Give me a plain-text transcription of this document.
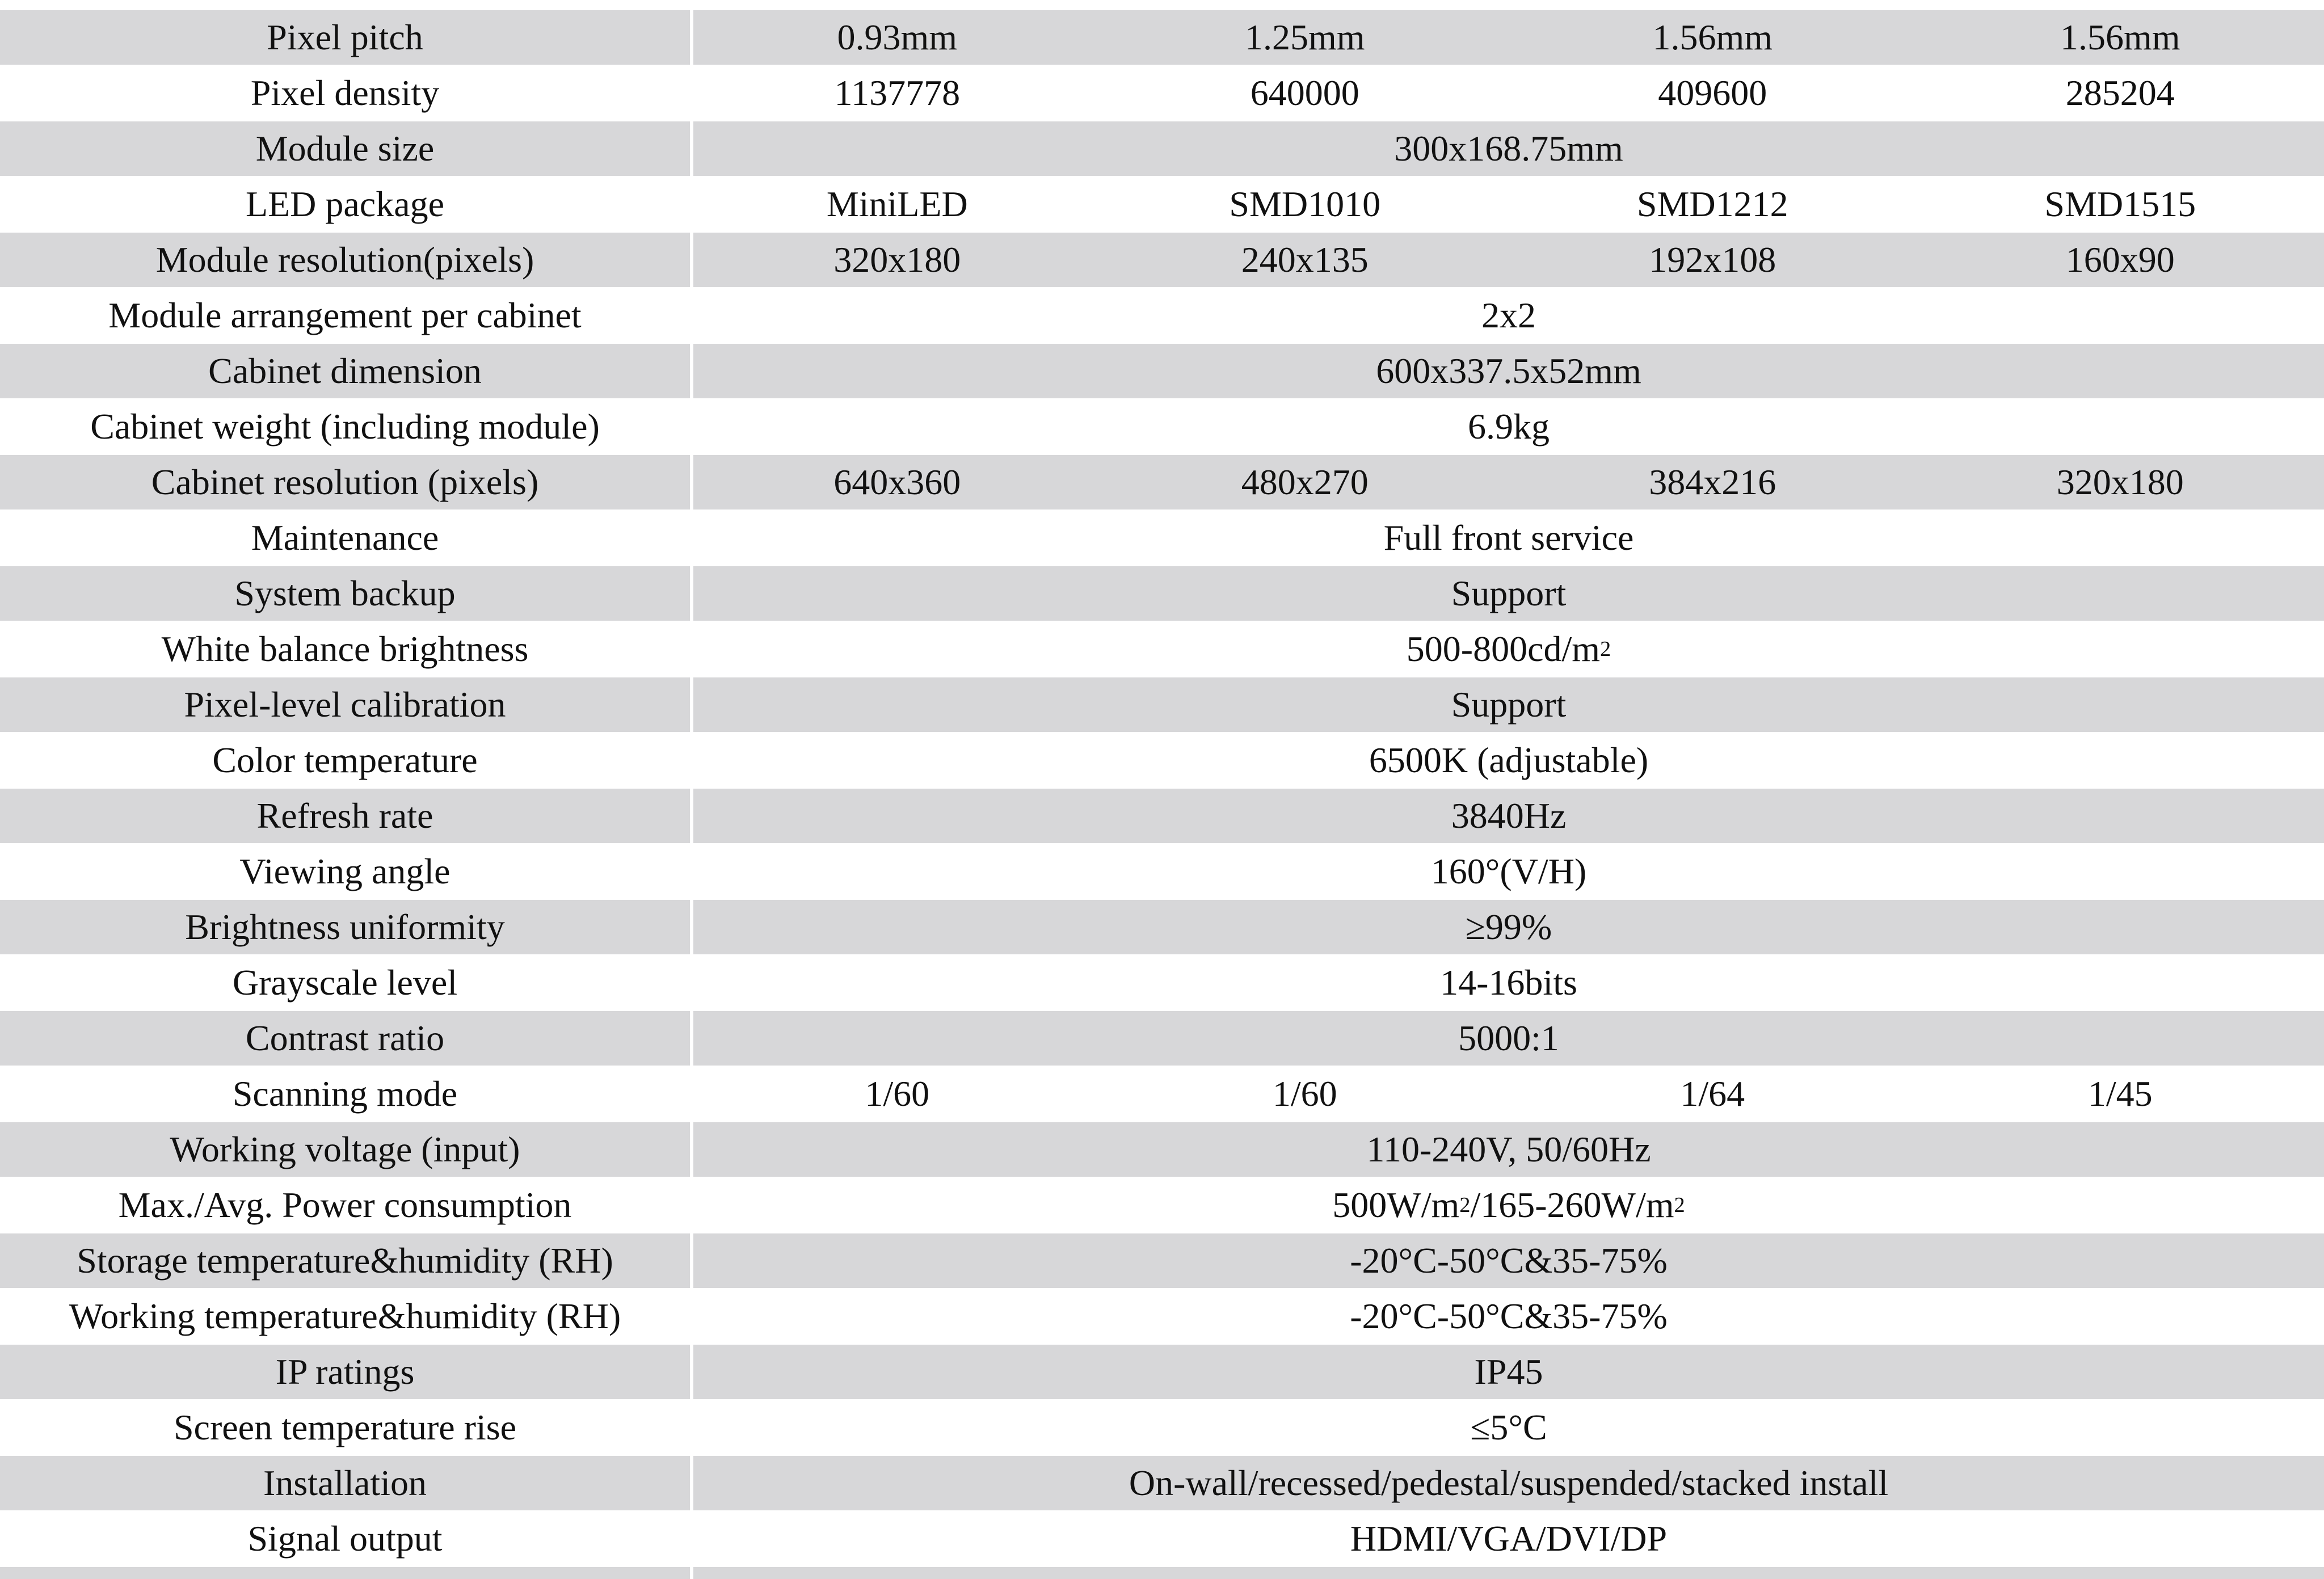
Pixel pitch	0.93mm	1.25mm	1.56mm	1.56mm
Pixel density	1137778	640000	409600	285204
Module size	300x168.75mm
LED package	MiniLED	SMD1010	SMD1212	SMD1515
Module resolution(pixels)	320x180	240x135	192x108	160x90
Module arrangement per cabinet	2x2
Cabinet dimension	600x337.5x52mm
Cabinet weight (including module)	6.9kg
Cabinet resolution (pixels)	640x360	480x270	384x216	320x180
Maintenance	Full front service
System backup	Support
White balance brightness	500-800cd/m 2
Pixel-level calibration	Support
Color temperature	6500K (adjustable)
Refresh rate	3840Hz
Viewing angle	160°(V/H)
Brightness uniformity	≥99%
Grayscale level	14-16bits
Contrast ratio	5000:1
Scanning mode	1/60	1/60	1/64	1/45
Working voltage (input)	110-240V, 50/60Hz
Max./Avg. Power consumption	500W/m 2 /165-260W/m 2
Storage temperature&humidity (RH)	-20°C-50°C&35-75%
Working temperature&humidity (RH)	-20°C-50°C&35-75%
IP ratings	IP45
Screen temperature rise	≤5°C
Installation	On-wall/recessed/pedestal/suspended/stacked install
Signal output	HDMI/VGA/DVI/DP
